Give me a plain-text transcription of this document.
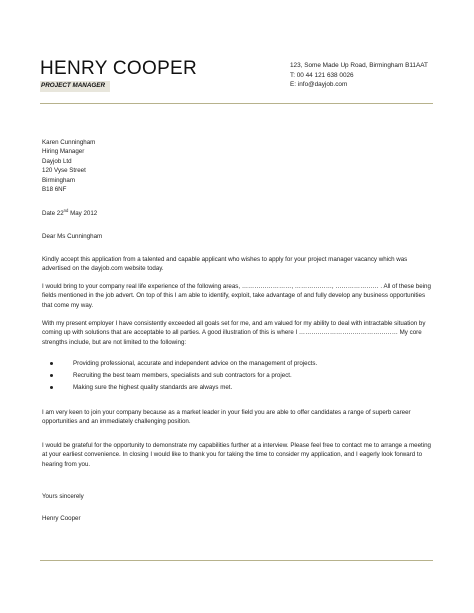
HENRY COOPER
PROJECT MANAGER
123, Some Made Up Road, Birmingham B11AAT
T: 00 44 121 638 0026
E: info@dayjob.com
Karen Cunningham
Hiring Manager
Dayjob Ltd
120 Vyse Street
Birmingham
B18 6NF
Date 22nd May 2012
Dear Ms Cunningham
Kindly accept this application from a talented and capable applicant who wishes to apply for your project manager vacancy which was advertised on the dayjob.com website today.
I would bring to your company real life experience of the following areas, ……………………, ………………, ………………… . All of these being fields mentioned in the job advert. On top of this I am able to identify, exploit, take advantage of and fully develop any business opportunities that come my way.
With my present employer I have consistently exceeded all goals set for me, and am valued for my ability to deal with intractable situation by coming up with solutions that are acceptable to all parties. A good illustration of this is where I ………………………………………… My core strengths include, but are not limited to the following:
Providing professional, accurate and independent advice on the management of projects.
Recruiting the best team members, specialists and sub contractors for a project.
Making sure the highest quality standards are always met.
I am very keen to join your company because as a market leader in your field you are able to offer candidates a range of superb career opportunities and an immediately challenging position.
I would be grateful for the opportunity to demonstrate my capabilities further at a interview. Please feel free to contact me to arrange a meeting at your earliest convenience. In closing I would like to thank you for taking the time to consider my application, and I eagerly look forward to hearing from you.
Yours sincerely
Henry Cooper
